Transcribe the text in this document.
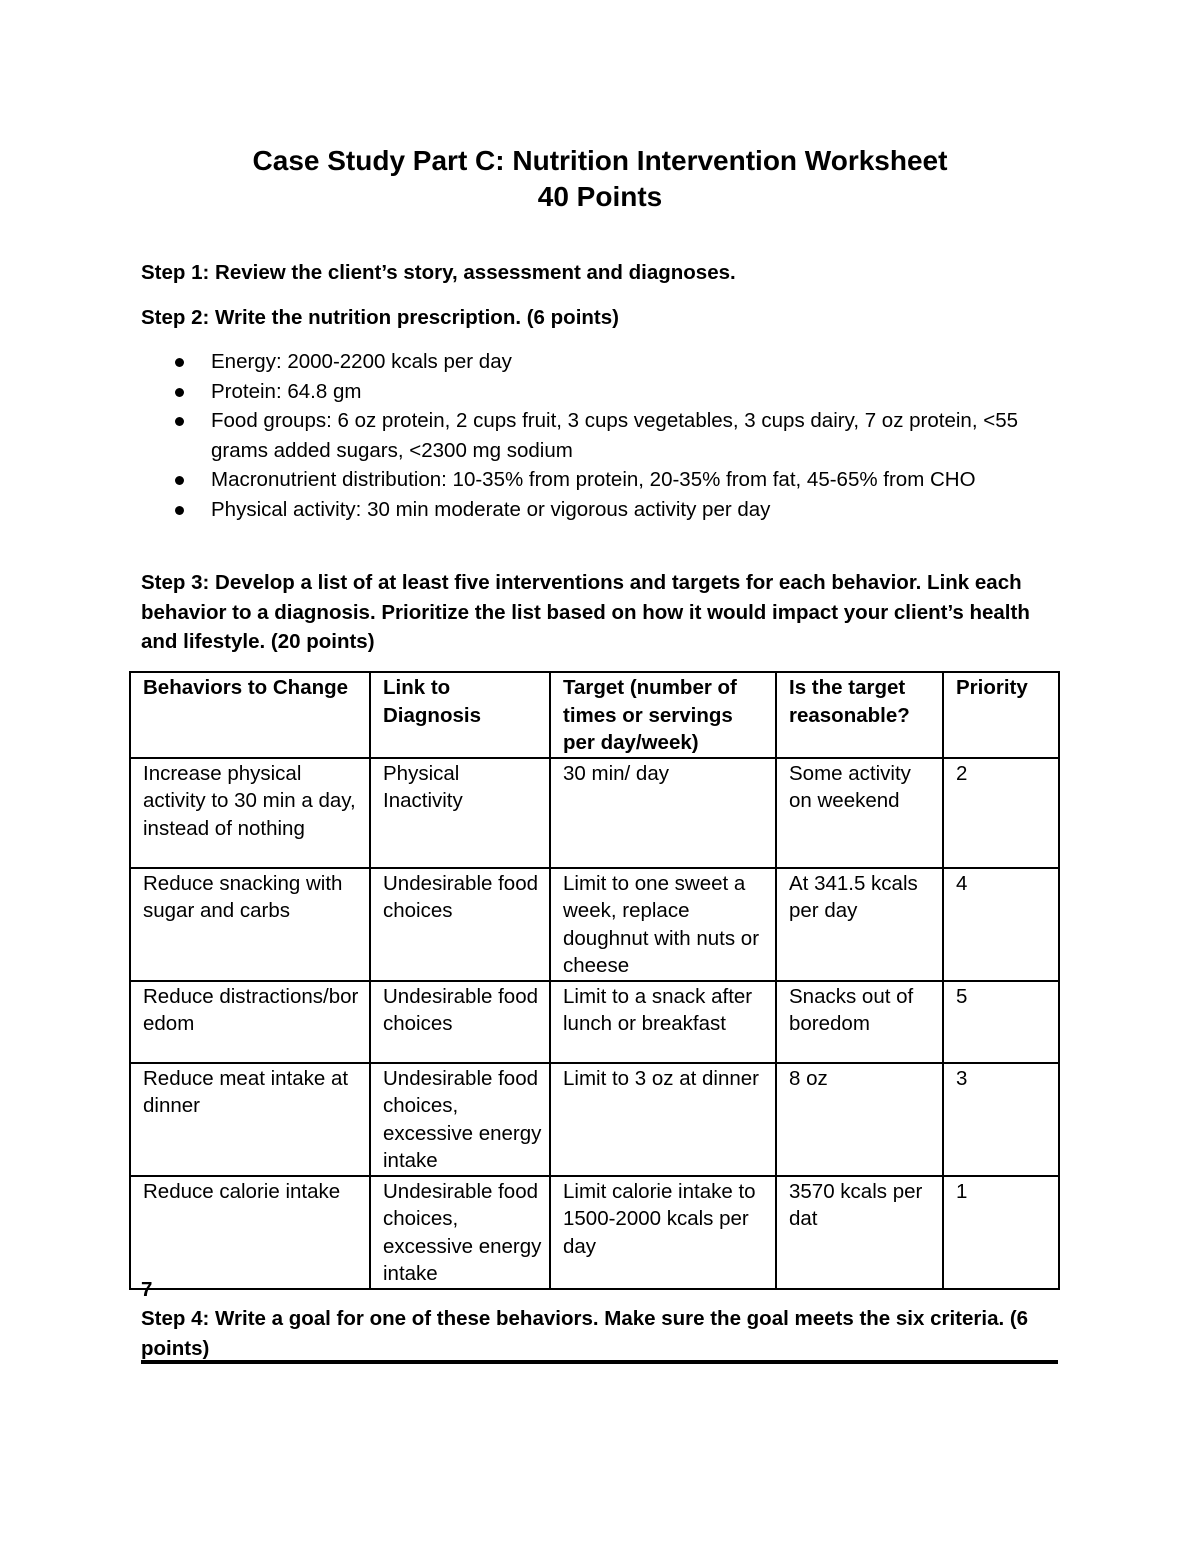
Case Study Part C: Nutrition Intervention Worksheet
40 Points
Step 1: Review the client’s story, assessment and diagnoses.
Step 2: Write the nutrition prescription. (6 points)
Energy: 2000-2200 kcals per day
Protein: 64.8 gm
Food groups: 6 oz protein, 2 cups fruit, 3 cups vegetables, 3 cups dairy, 7 oz protein, <55 grams added sugars, <2300 mg sodium
Macronutrient distribution: 10-35% from protein, 20-35% from fat, 45-65% from CHO
Physical activity: 30 min moderate or vigorous activity per day
Step 3: Develop a list of at least five interventions and targets for each behavior. Link each behavior to a diagnosis. Prioritize the list based on how it would impact your client’s health and lifestyle. (20 points)
Behaviors to Change	Link to Diagnosis	Target (number of times or servings per day/week)	Is the target reasonable?	Priority
Increase physical activity to 30 min a day, instead of nothing	Physical Inactivity	30 min/ day	Some activity on weekend	2
Reduce snacking with sugar and carbs	Undesirable food choices	Limit to one sweet a week, replace doughnut with nuts or cheese	At 341.5 kcals per day	4
Reduce distractions/boredom	Undesirable food choices	Limit to a snack after lunch or breakfast	Snacks out of boredom	5
Reduce meat intake at dinner	Undesirable food choices, excessive energy intake	Limit to 3 oz at dinner	8 oz	3
Reduce calorie intake	Undesirable food choices, excessive energy intake	Limit calorie intake to 1500-2000 kcals per day	3570 kcals per dat	1
7
Step 4: Write a goal for one of these behaviors. Make sure the goal meets the six criteria. (6 points)
